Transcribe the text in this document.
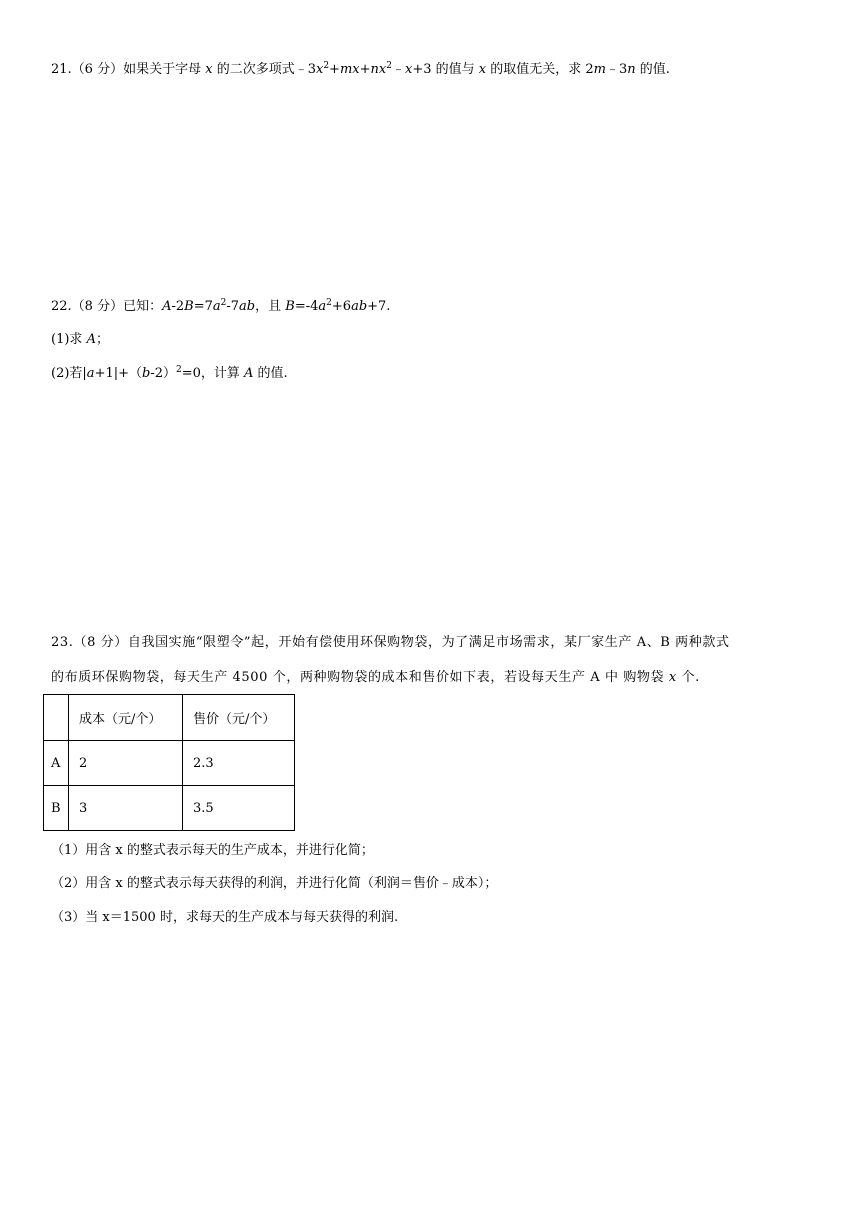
21.（6 分）如果关于字母 x 的二次多项式$﹣3x^2+mx+nx^2﹣x+3$ 的值与 x 的取值无关，求 2m﹣3n 的值.
22.（8 分）已知：$A-2B=7a^2-7ab$，且 $B=-4a^2+6ab+7$.
(1)求 A；
(2)若$|a+1|+(b-2)^2=0$，计算 A 的值.
23.（8 分）自我国实施“限塑令”起，开始有偿使用环保购物袋，为了满足市场需求，某厂家生产 A、B 两种款式
的布质环保购物袋，每天生产 4500 个，两种购物袋的成本和售价如下表，若设每天生产 A 中 购物袋 x 个.
	成本（元/个）	售价（元/个）
A	2	2.3
B	3	3.5
（1）用含 x 的整式表示每天的生产成本，并进行化简；
（2）用含 x 的整式表示每天获得的利润，并进行化简（利润＝售价﹣成本）；
（3）当 x＝1500 时，求每天的生产成本与每天获得的利润.
